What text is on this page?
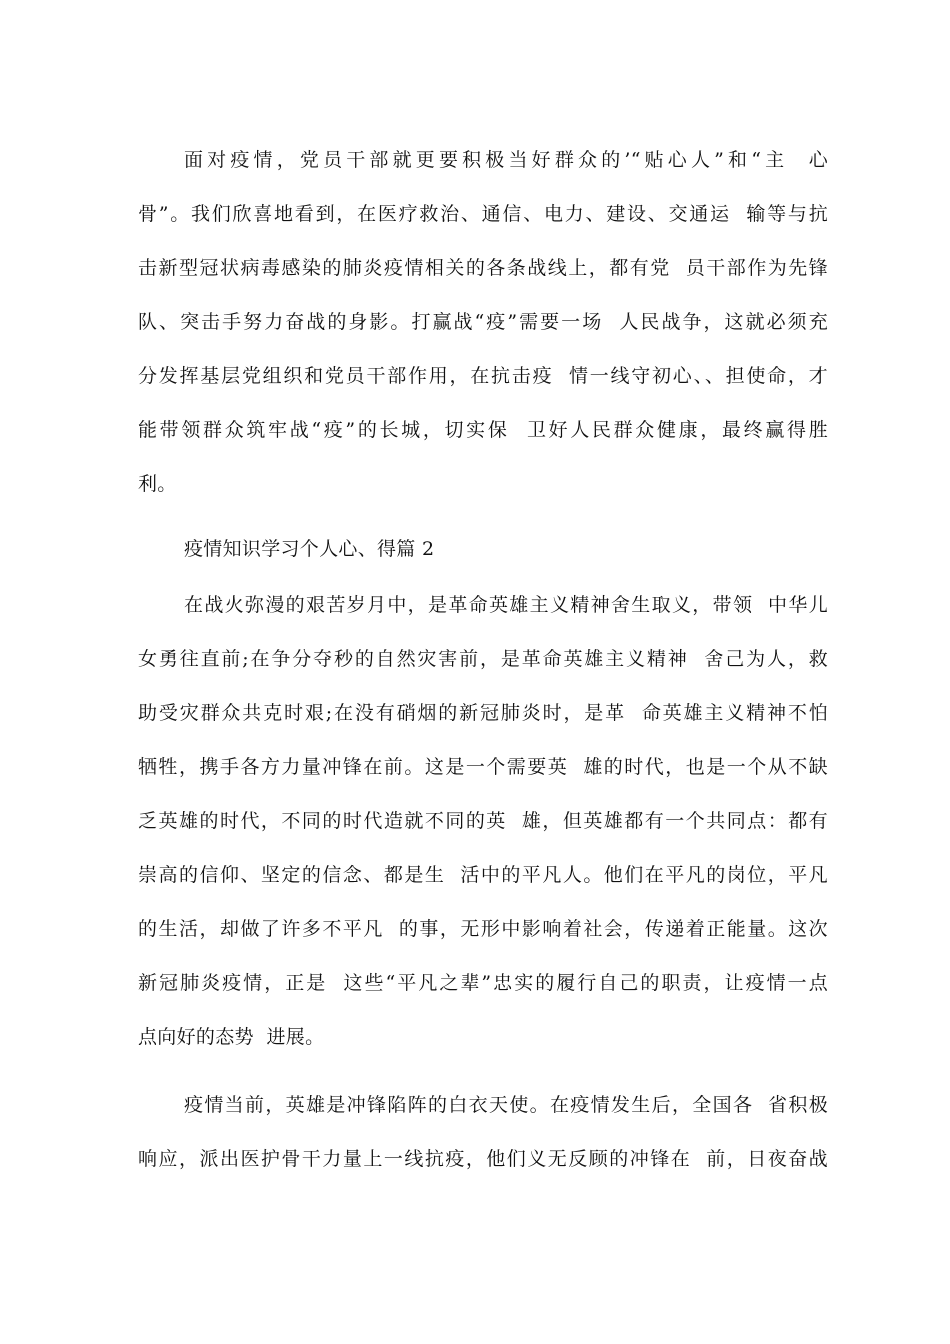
面对疫情，党员干部就更要积极当好群众的’“贴心人”和“主  心
骨”。我们欣喜地看到，在医疗救治、通信、电力、建设、交通运  输等与抗
击新型冠状病毒感染的肺炎疫情相关的各条战线上，都有党  员干部作为先锋
队、突击手努力奋战的身影。打赢战“疫”需要一场  人民战争，这就必须充
分发挥基层党组织和党员干部作用，在抗击疫  情一线守初心、、担使命，才
能带领群众筑牢战“疫”的长城，切实保  卫好人民群众健康，最终赢得胜
利。
疫情知识学习个人心、得篇 2
在战火弥漫的艰苦岁月中，是革命英雄主义精神舍生取义，带领  中华儿
女勇往直前;在争分夺秒的自然灾害前，是革命英雄主义精神  舍己为人，救
助受灾群众共克时艰;在没有硝烟的新冠肺炎时，是革  命英雄主义精神不怕
牺牲，携手各方力量冲锋在前。这是一个需要英  雄的时代，也是一个从不缺
乏英雄的时代，不同的时代造就不同的英  雄，但英雄都有一个共同点：都有
崇高的信仰、坚定的信念、都是生  活中的平凡人。他们在平凡的岗位，平凡
的生活，却做了许多不平凡  的事，无形中影响着社会，传递着正能量。这次
新冠肺炎疫情，正是  这些“平凡之辈”忠实的履行自己的职责，让疫情一点
点向好的态势  进展。
疫情当前，英雄是冲锋陷阵的白衣天使。在疫情发生后，全国各  省积极
响应，派出医护骨干力量上一线抗疫，他们义无反顾的冲锋在  前，日夜奋战
